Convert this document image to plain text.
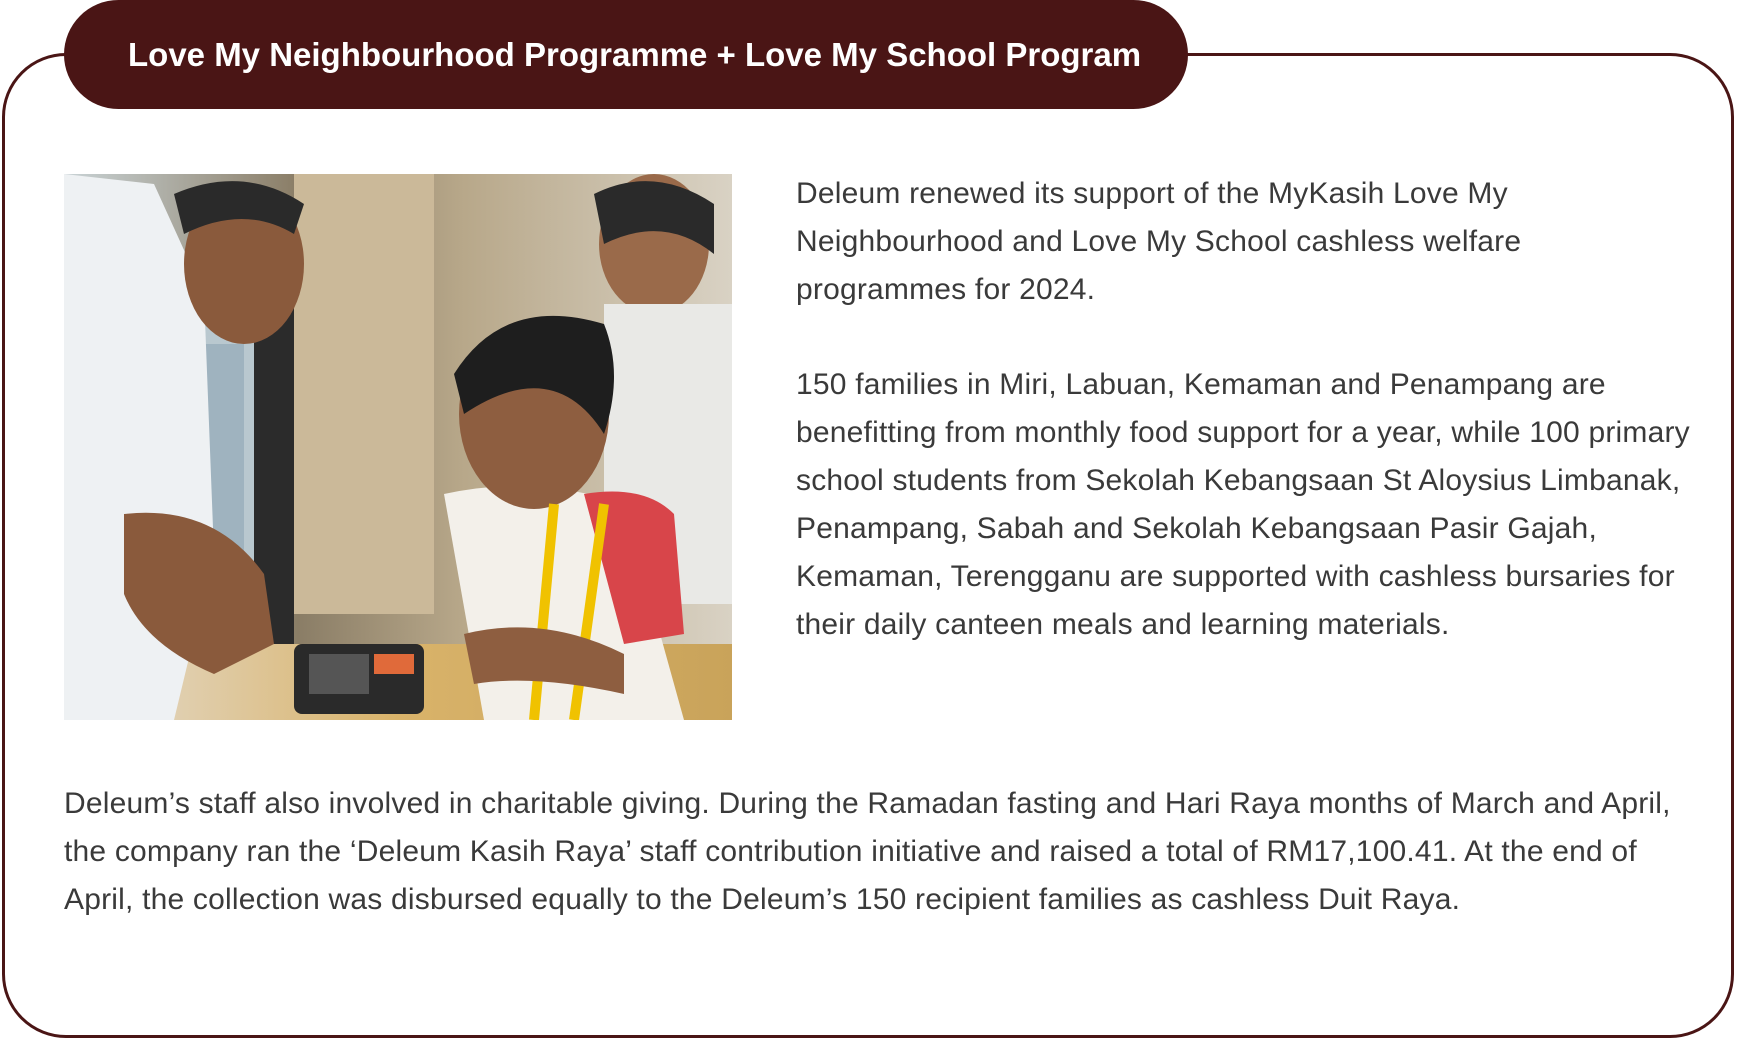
Love My Neighbourhood Programme + Love My School Program

Deleum renewed its support of the MyKasih Love My Neighbourhood and Love My School cashless welfare programmes for 2024.

150 families in Miri, Labuan, Kemaman and Penampang are benefitting from monthly food support for a year, while 100 primary school students from Sekolah Kebangsaan St Aloysius Limbanak, Penampang, Sabah and Sekolah Kebangsaan Pasir Gajah, Kemaman, Terengganu are supported with cashless bursaries for their daily canteen meals and learning materials.

Deleum’s staff also involved in charitable giving. During the Ramadan fasting and Hari Raya months of March and April, the company ran the ‘Deleum Kasih Raya’ staff contribution initiative and raised a total of RM17,100.41. At the end of April, the collection was disbursed equally to the Deleum’s 150 recipient families as cashless Duit Raya.
